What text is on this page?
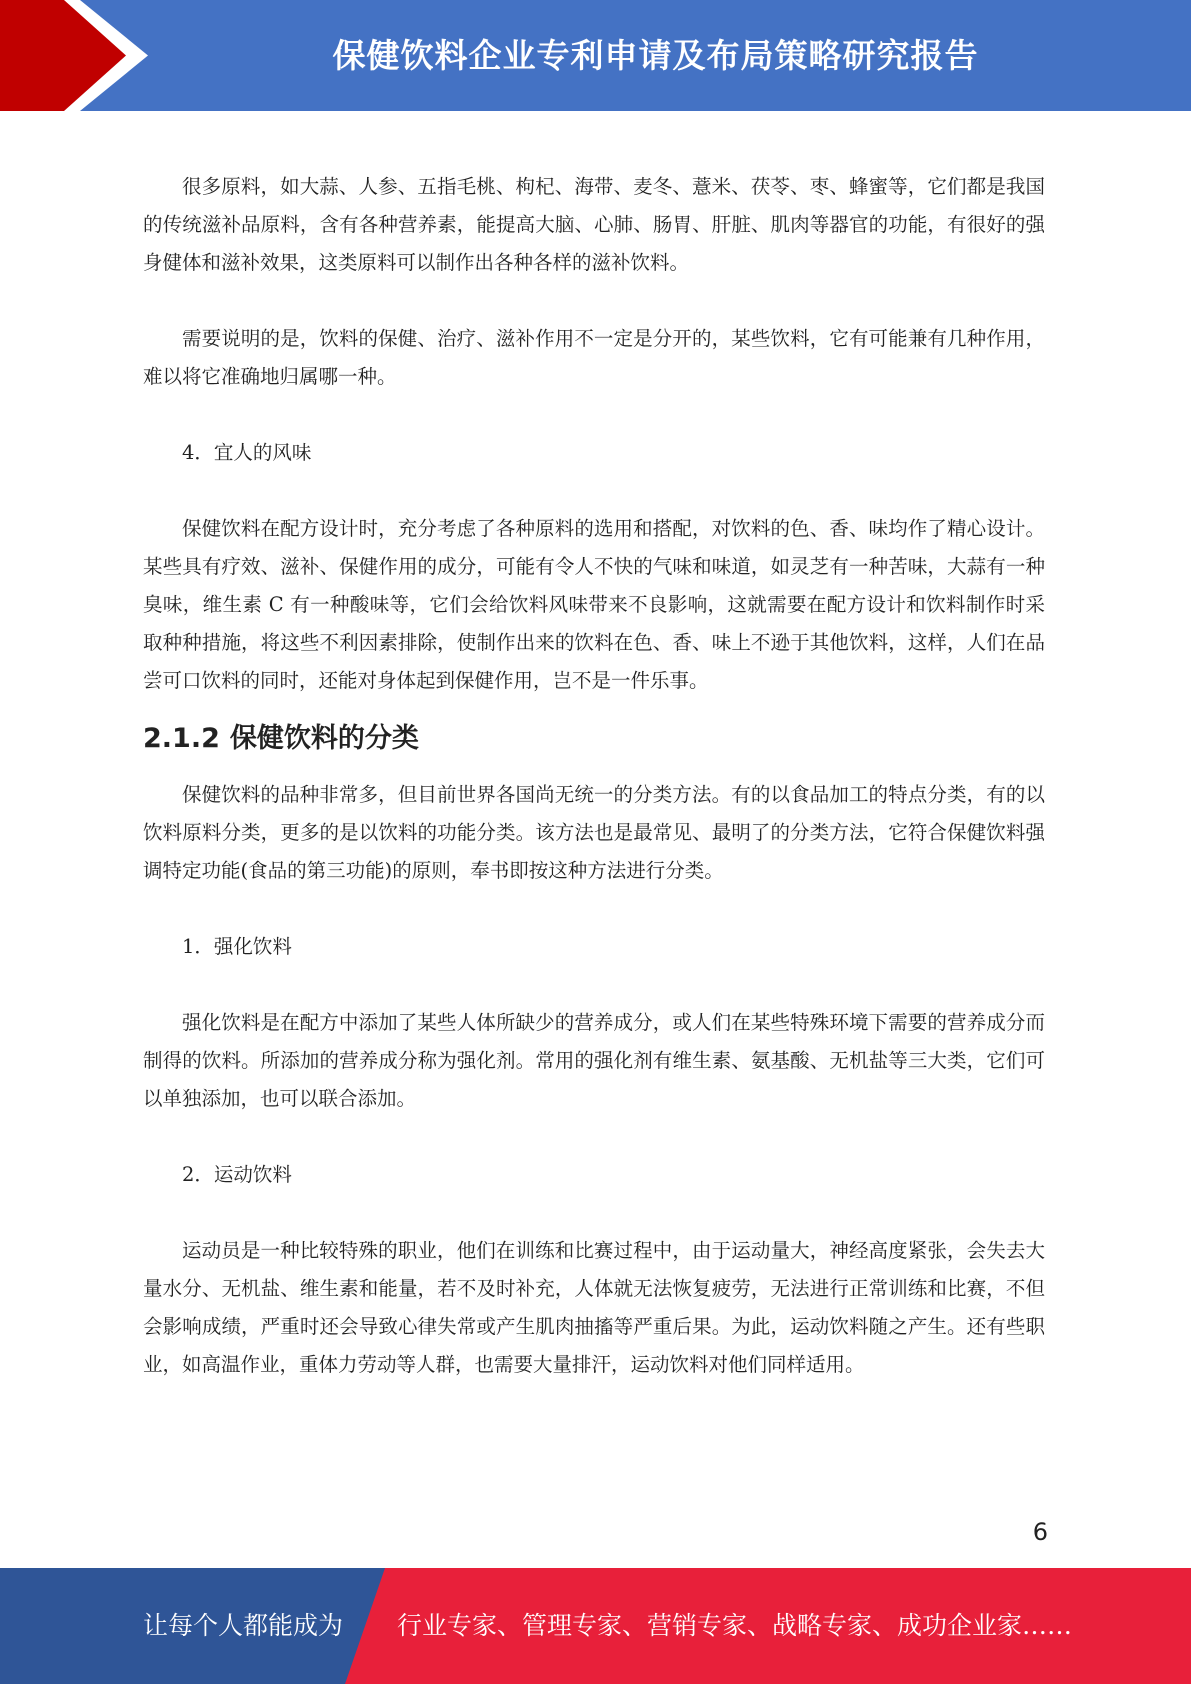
保健饮料企业专利申请及布局策略研究报告

很多原料，如大蒜、人参、五指毛桃、枸杞、海带、麦冬、薏米、茯苓、枣、蜂蜜等，它们都是我国的传统滋补品原料，含有各种营养素，能提高大脑、心肺、肠胃、肝脏、肌肉等器官的功能，有很好的强身健体和滋补效果，这类原料可以制作出各种各样的滋补饮料。

需要说明的是，饮料的保健、治疗、滋补作用不一定是分开的，某些饮料，它有可能兼有几种作用，难以将它准确地归属哪一种。

4．宜人的风味

保健饮料在配方设计时，充分考虑了各种原料的选用和搭配，对饮料的色、香、味均作了精心设计。某些具有疗效、滋补、保健作用的成分，可能有令人不快的气味和味道，如灵芝有一种苦味，大蒜有一种臭味，维生素 C 有一种酸味等，它们会给饮料风味带来不良影响，这就需要在配方设计和饮料制作时采取种种措施，将这些不利因素排除，使制作出来的饮料在色、香、味上不逊于其他饮料，这样，人们在品尝可口饮料的同时，还能对身体起到保健作用，岂不是一件乐事。

2.1.2 保健饮料的分类

保健饮料的品种非常多，但目前世界各国尚无统一的分类方法。有的以食品加工的特点分类，有的以饮料原料分类，更多的是以饮料的功能分类。该方法也是最常见、最明了的分类方法，它符合保健饮料强调特定功能(食品的第三功能)的原则，奉书即按这种方法进行分类。

1．强化饮料

强化饮料是在配方中添加了某些人体所缺少的营养成分，或人们在某些特殊环境下需要的营养成分而制得的饮料。所添加的营养成分称为强化剂。常用的强化剂有维生素、氨基酸、无机盐等三大类，它们可以单独添加，也可以联合添加。

2．运动饮料

运动员是一种比较特殊的职业，他们在训练和比赛过程中，由于运动量大，神经高度紧张，会失去大量水分、无机盐、维生素和能量，若不及时补充，人体就无法恢复疲劳，无法进行正常训练和比赛，不但会影响成绩，严重时还会导致心律失常或产生肌肉抽搐等严重后果。为此，运动饮料随之产生。还有些职业，如高温作业，重体力劳动等人群，也需要大量排汗，运动饮料对他们同样适用。

6
让每个人都能成为 行业专家、管理专家、营销专家、战略专家、成功企业家……
